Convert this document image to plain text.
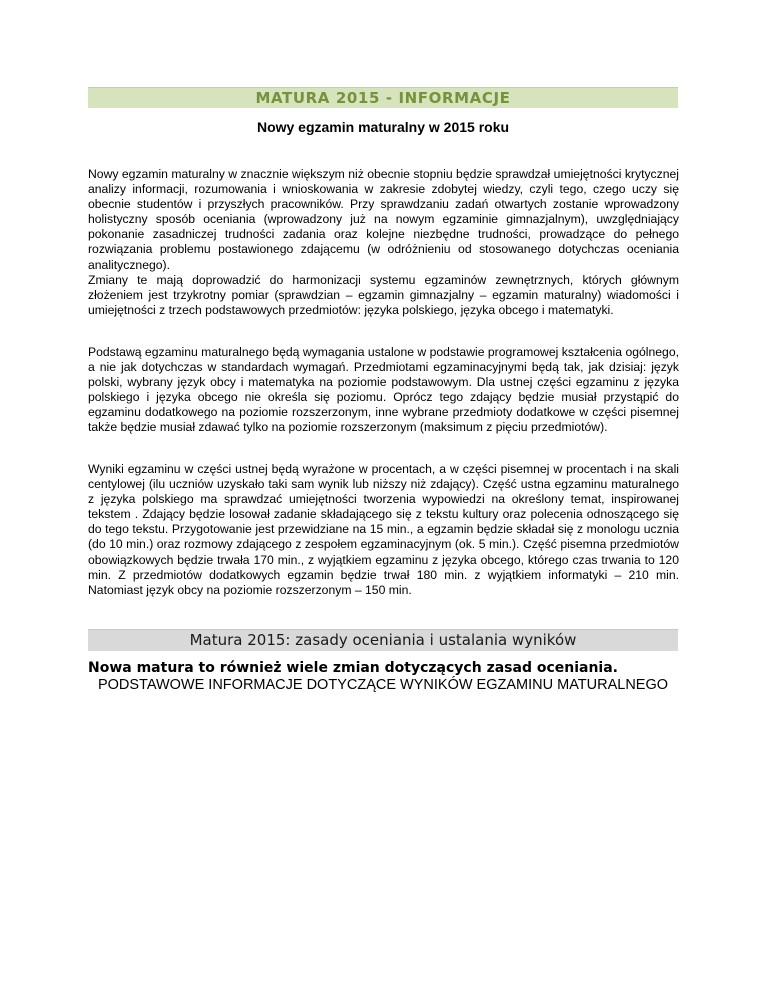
MATURA 2015 - INFORMACJE
Nowy egzamin maturalny w 2015 roku

Nowy egzamin maturalny w znacznie większym niż obecnie stopniu będzie sprawdzał umiejętności krytycznej analizy informacji, rozumowania i wnioskowania w zakresie zdobytej wiedzy, czyli tego, czego uczy się obecnie studentów i przyszłych pracowników. Przy sprawdzaniu zadań otwartych zostanie wprowadzony holistyczny sposób oceniania (wprowadzony już na nowym egzaminie gimnazjalnym), uwzględniający pokonanie zasadniczej trudności zadania oraz kolejne niezbędne trudności, prowadzące do pełnego rozwiązania problemu postawionego zdającemu (w odróżnieniu od stosowanego dotychczas oceniania analitycznego).

Zmiany te mają doprowadzić do harmonizacji systemu egzaminów zewnętrznych, których głównym złożeniem jest trzykrotny pomiar (sprawdzian – egzamin gimnazjalny – egzamin maturalny) wiadomości i umiejętności z trzech podstawowych przedmiotów: języka polskiego, języka obcego i matematyki.

Podstawą egzaminu maturalnego będą wymagania ustalone w podstawie programowej kształcenia ogólnego, a nie jak dotychczas w standardach wymagań. Przedmiotami egzaminacyjnymi będą tak, jak dzisiaj: język polski, wybrany język obcy i matematyka na poziomie podstawowym. Dla ustnej części egzaminu z języka polskiego i języka obcego nie określa się poziomu. Oprócz tego zdający będzie musiał przystąpić do egzaminu dodatkowego na poziomie rozszerzonym, inne wybrane przedmioty dodatkowe w części pisemnej także będzie musiał zdawać tylko na poziomie rozszerzonym (maksimum z pięciu przedmiotów).

Wyniki egzaminu w części ustnej będą wyrażone w procentach, a w części pisemnej w procentach i na skali centylowej (ilu uczniów uzyskało taki sam wynik lub niższy niż zdający). Część ustna egzaminu maturalnego z języka polskiego ma sprawdzać umiejętności tworzenia wypowiedzi na określony temat, inspirowanej tekstem . Zdający będzie losował zadanie składającego się z tekstu kultury oraz polecenia odnoszącego się do tego tekstu. Przygotowanie jest przewidziane na 15 min., a egzamin będzie składał się z monologu ucznia (do 10 min.) oraz rozmowy zdającego z zespołem egzaminacyjnym (ok. 5 min.). Część pisemna przedmiotów obowiązkowych będzie trwała 170 min., z wyjątkiem egzaminu z języka obcego, którego czas trwania to 120 min. Z przedmiotów dodatkowych egzamin będzie trwał 180 min. z wyjątkiem informatyki – 210 min. Natomiast język obcy na poziomie rozszerzonym – 150 min.

Matura 2015: zasady oceniania i ustalania wyników
Nowa matura to również wiele zmian dotyczących zasad oceniania.
PODSTAWOWE INFORMACJE DOTYCZĄCE WYNIKÓW EGZAMINU MATURALNEGO
